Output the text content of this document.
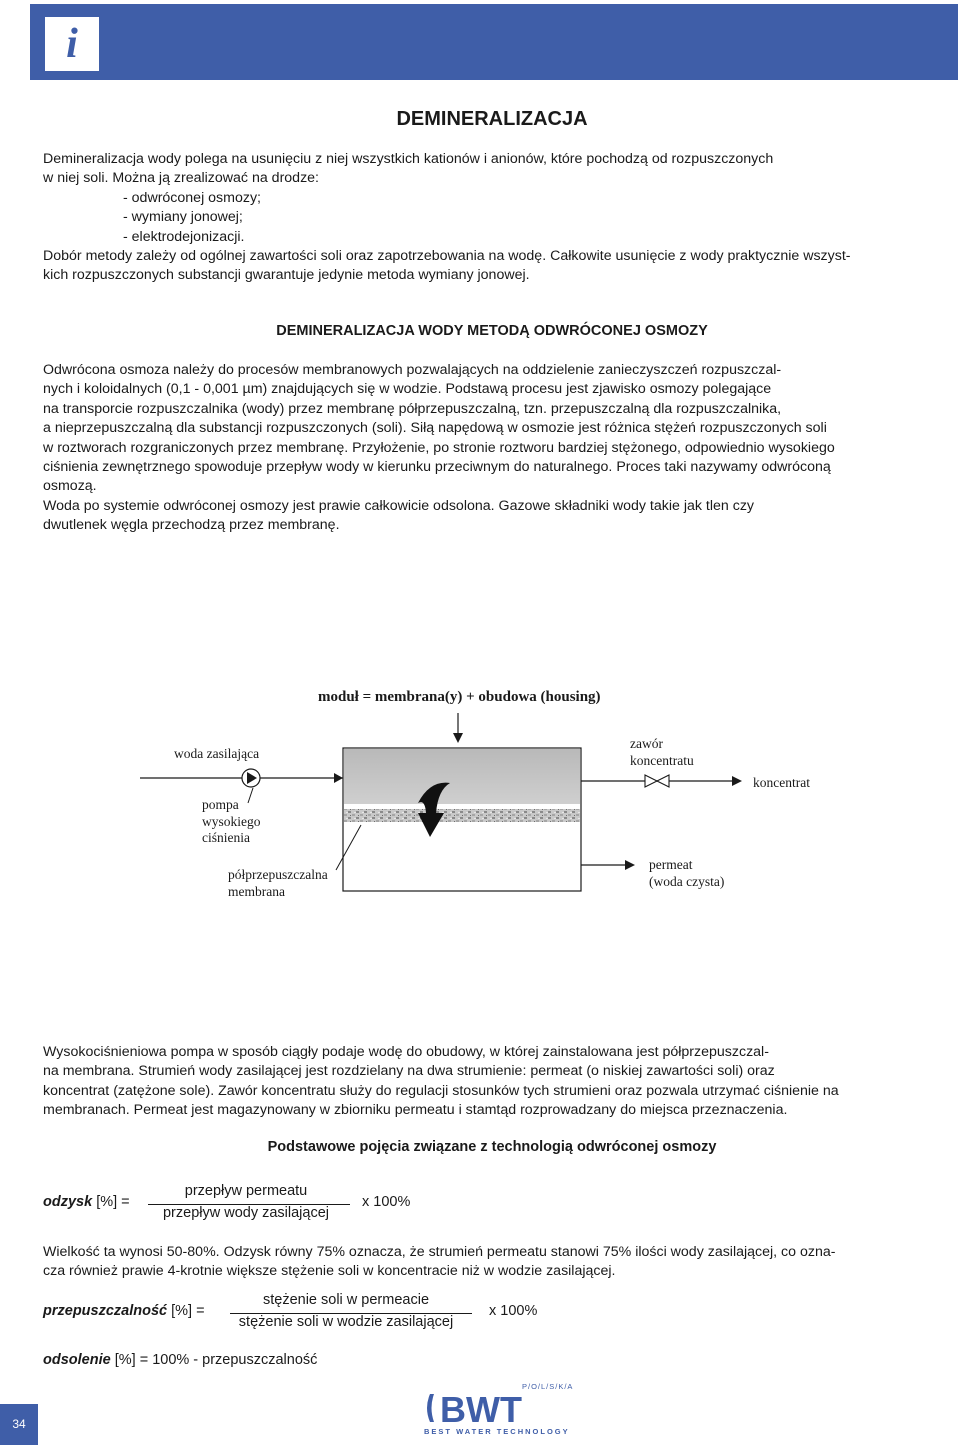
i
DEMINERALIZACJA
Demineralizacja wody polega na usunięciu z niej wszystkich kationów i anionów, które pochodzą od rozpuszczonych
w niej soli. Można ją zrealizować na drodze:
- odwróconej osmozy;
- wymiany jonowej;
- elektrodejonizacji.
Dobór metody zależy od ogólnej zawartości soli oraz zapotrzebowania na wodę. Całkowite usunięcie z wody praktycznie wszyst-
kich rozpuszczonych substancji gwarantuje jedynie metoda wymiany jonowej.
DEMINERALIZACJA WODY METODĄ ODWRÓCONEJ OSMOZY
Odwrócona osmoza należy do procesów membranowych pozwalających na oddzielenie zanieczyszczeń rozpuszczal-
nych i koloidalnych (0,1 - 0,001 µm) znajdujących się w wodzie. Podstawą procesu jest zjawisko osmozy polegające
na transporcie rozpuszczalnika (wody) przez membranę półprzepuszczalną, tzn. przepuszczalną dla rozpuszczalnika,
a nieprzepuszczalną dla substancji rozpuszczonych (soli). Siłą napędową w osmozie jest różnica stężeń rozpuszczonych soli
w roztworach rozgraniczonych przez membranę. Przyłożenie, po stronie roztworu bardziej stężonego, odpowiednio wysokiego
ciśnienia zewnętrznego spowoduje przepływ wody w kierunku przeciwnym do naturalnego. Proces taki nazywamy odwróconą
osmozą.
Woda po systemie odwróconej osmozy jest prawie całkowicie odsolona. Gazowe składniki wody takie jak tlen czy
dwutlenek węgla przechodzą przez membranę.
moduł = membrana(y) + obudowa (housing)
woda zasilająca
pompa
wysokiego
ciśnienia
półprzepuszczalna
membrana
zawór
koncentratu
koncentrat
permeat
(woda czysta)
Wysokociśnieniowa pompa w sposób ciągły podaje wodę do obudowy, w której zainstalowana jest półprzepuszczal-
na membrana. Strumień wody zasilającej jest rozdzielany na dwa strumienie: permeat (o niskiej zawartości soli) oraz
koncentrat (zatężone sole). Zawór koncentratu służy do regulacji stosunków tych strumieni oraz pozwala utrzymać ciśnienie na
membranach. Permeat jest magazynowany w zbiorniku permeatu i stamtąd rozprowadzany do miejsca przeznaczenia.
Podstawowe pojęcia związane z technologią odwróconej osmozy
odzysk [%] =
przepływ permeatu
przepływ wody zasilającej
x 100%
Wielkość ta wynosi 50-80%. Odzysk równy 75% oznacza, że strumień permeatu stanowi 75% ilości wody zasilającej, co ozna-
cza również prawie 4-krotnie większe stężenie soli w koncentracie niż w wodzie zasilającej.
przepuszczalność [%] =
stężenie soli w permeacie
stężenie soli w wodzie zasilającej
x 100%
odsolenie [%] = 100% - przepuszczalność
34
P/O/L/S/K/A
BWT
BEST WATER TECHNOLOGY
